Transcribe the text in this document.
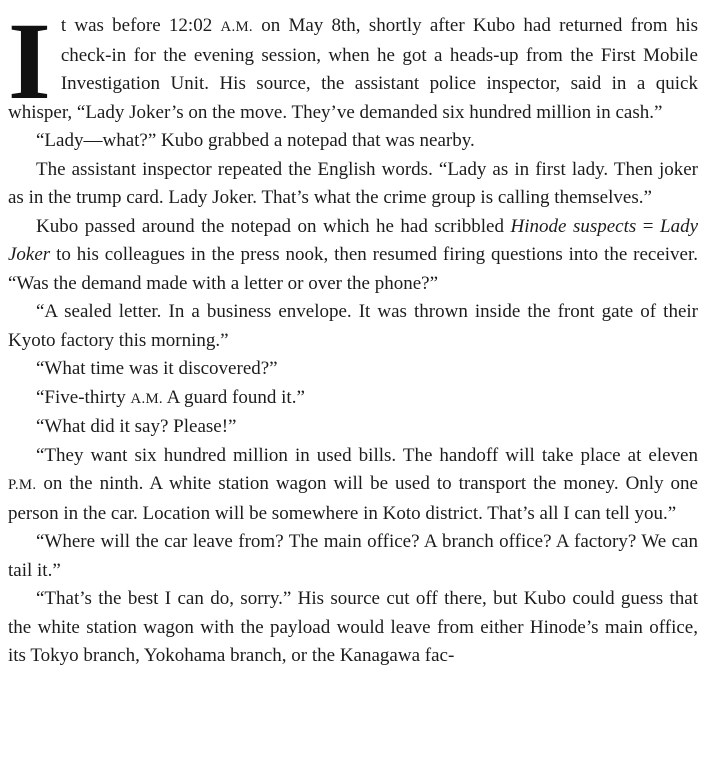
It was before 12:02 A.M. on May 8th, shortly after Kubo had returned from his check-in for the evening session, when he got a heads-up from the First Mobile Investigation Unit. His source, the assistant police inspector, said in a quick whisper, “Lady Joker’s on the move. They’ve demanded six hundred million in cash.”

“Lady—what?” Kubo grabbed a notepad that was nearby.

The assistant inspector repeated the English words. “Lady as in first lady. Then joker as in the trump card. Lady Joker. That’s what the crime group is calling themselves.”

Kubo passed around the notepad on which he had scribbled Hinode suspects = Lady Joker to his colleagues in the press nook, then resumed firing questions into the receiver. “Was the demand made with a letter or over the phone?”

“A sealed letter. In a business envelope. It was thrown inside the front gate of their Kyoto factory this morning.”

“What time was it discovered?”

“Five-thirty A.M. A guard found it.”

“What did it say? Please!”

“They want six hundred million in used bills. The handoff will take place at eleven P.M. on the ninth. A white station wagon will be used to transport the money. Only one person in the car. Location will be somewhere in Koto district. That’s all I can tell you.”

“Where will the car leave from? The main office? A branch office? A factory? We can tail it.”

“That’s the best I can do, sorry.” His source cut off there, but Kubo could guess that the white station wagon with the payload would leave from either Hinode’s main office, its Tokyo branch, Yokohama branch, or the Kanagawa fac-
